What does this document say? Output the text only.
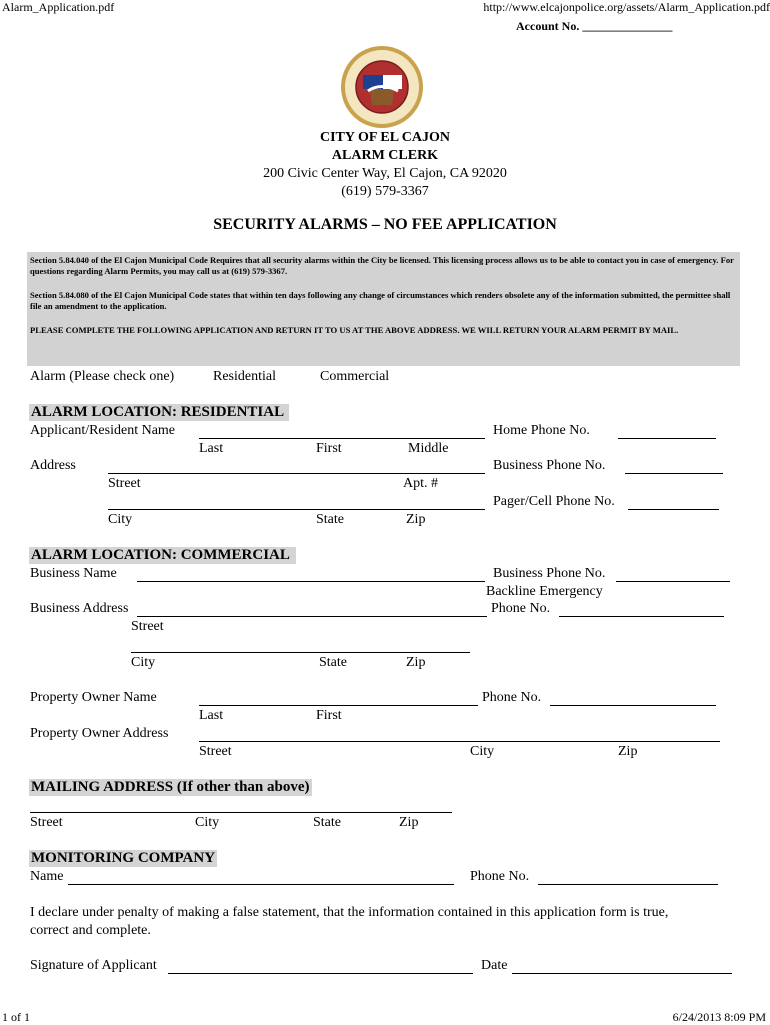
Alarm_Application.pdf	http://www.elcajonpolice.org/assets/Alarm_Application.pdf
1 of 1	6/24/2013 8:09 PM
Account No. _______________
CITY OF EL CAJON
ALARM CLERK
200 Civic Center Way, El Cajon, CA 92020
(619) 579-3367
SECURITY ALARMS – NO FEE APPLICATION
Section 5.84.040 of the El Cajon Municipal Code Requires that all security alarms within the City be licensed. This licensing process allows us to be able to contact you in case of emergency. For questions regarding Alarm Permits, you may call us at (619) 579-3367.
Section 5.84.080 of the El Cajon Municipal Code states that within ten days following any change of circumstances which renders obsolete any of the information submitted, the permittee shall file an amendment to the application.
PLEASE COMPLETE THE FOLLOWING APPLICATION AND RETURN IT TO US AT THE ABOVE ADDRESS. WE WILL RETURN YOUR ALARM PERMIT BY MAIL.
Alarm (Please check one)	Residential	Commercial
ALARM LOCATION: RESIDENTIAL
Applicant/Resident Name	Home Phone No.
Last	First	Middle
Address	Business Phone No.
Street	Apt. #
Pager/Cell Phone No.
City	State	Zip
ALARM LOCATION: COMMERCIAL
Business Name	Business Phone No.
Backline Emergency
Business Address	Phone No.
Street
City	State	Zip
Property Owner Name	Phone No.
Last	First
Property Owner Address
Street	City	Zip
MAILING ADDRESS (If other than above)
Street	City	State	Zip
MONITORING COMPANY
Name	Phone No.
I declare under penalty of making a false statement, that the information contained in this application form is true,
correct and complete.
Signature of Applicant	Date
